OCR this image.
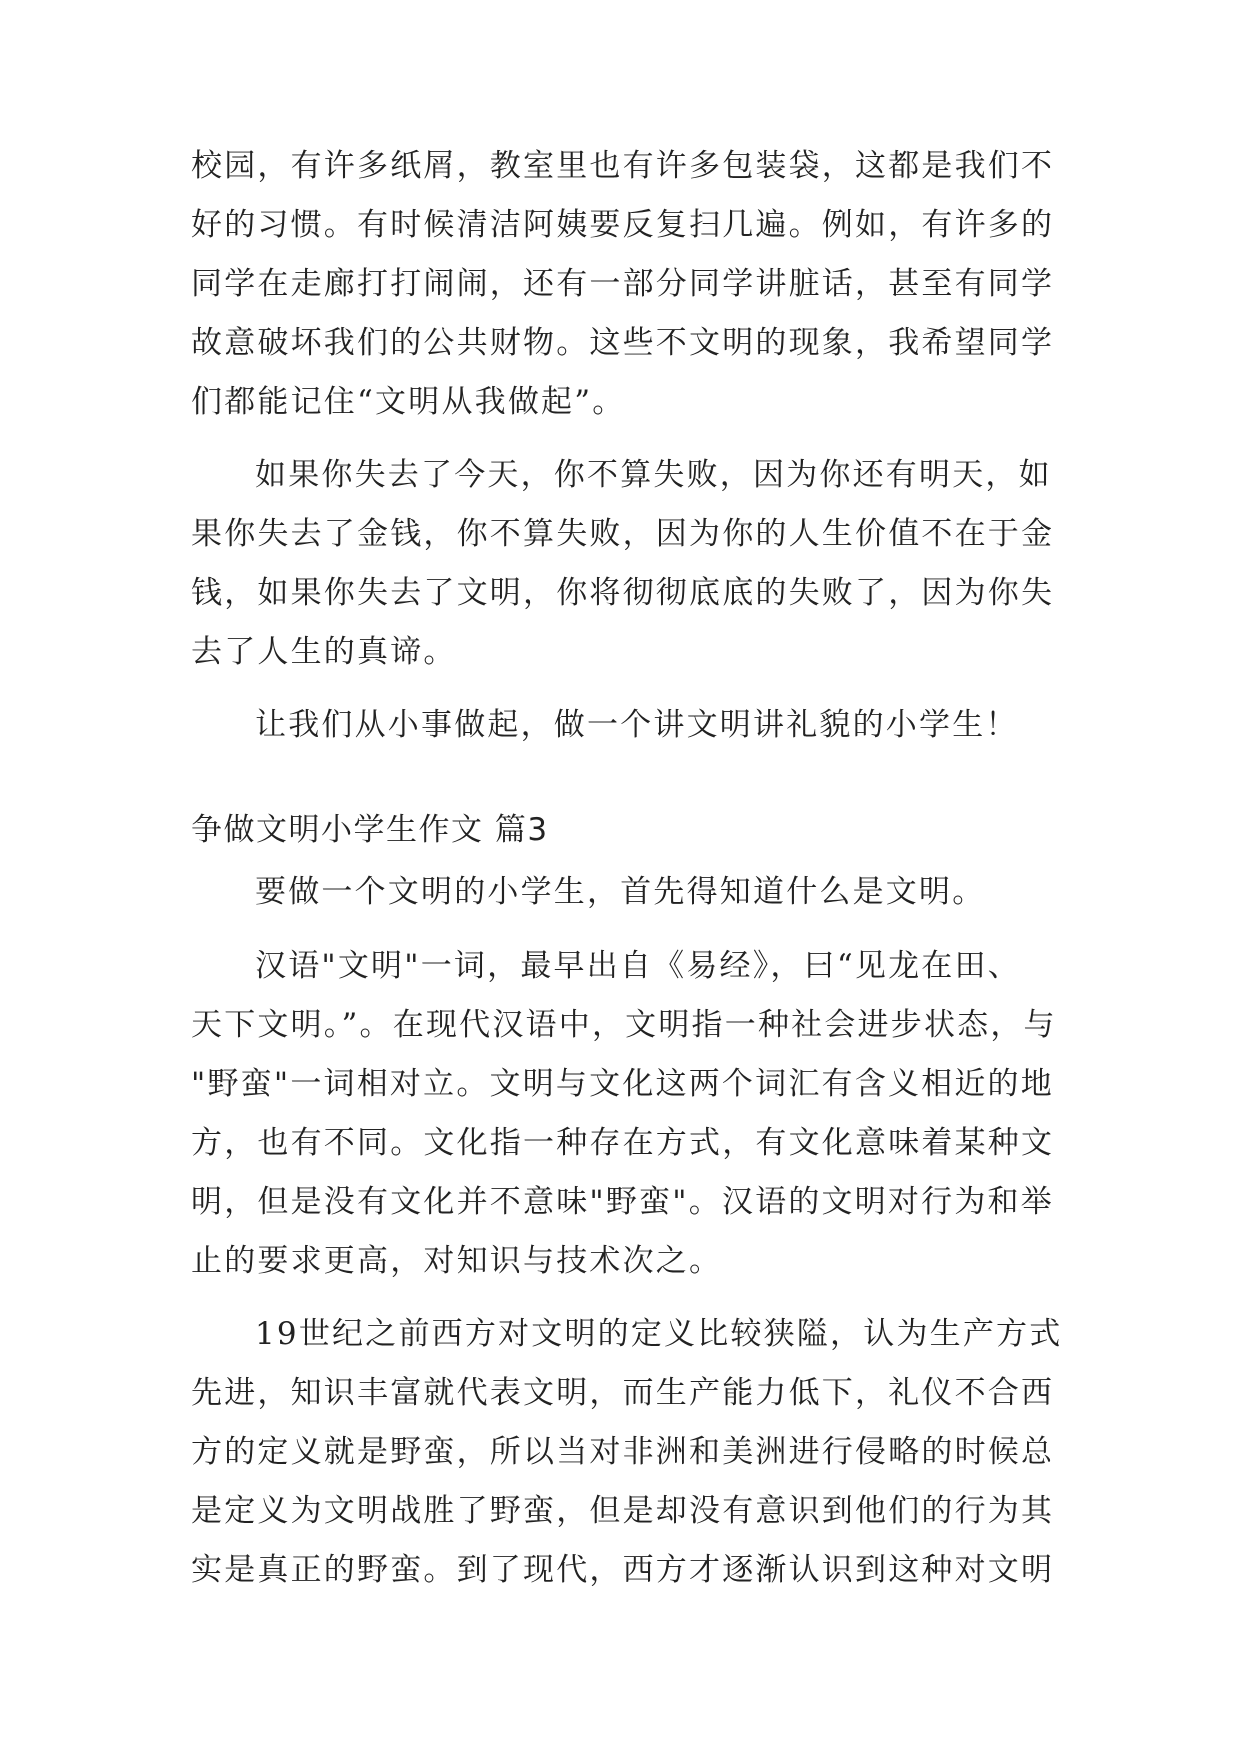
校园，有许多纸屑，教室里也有许多包装袋，这都是我们不
好的习惯。有时候清洁阿姨要反复扫几遍。例如，有许多的
同学在走廊打打闹闹，还有一部分同学讲脏话，甚至有同学
故意破坏我们的公共财物。这些不文明的现象，我希望同学
们都能记住“文明从我做起”。
如果你失去了今天，你不算失败，因为你还有明天，如
果你失去了金钱，你不算失败，因为你的人生价值不在于金
钱，如果你失去了文明，你将彻彻底底的失败了，因为你失
去了人生的真谛。
让我们从小事做起，做一个讲文明讲礼貌的小学生！
争做文明小学生作文 篇3
要做一个文明的小学生，首先得知道什么是文明。
汉语"文明"一词，最早出自《易经》，曰“见龙在田、
天下文明。”。在现代汉语中，文明指一种社会进步状态，与
"野蛮"一词相对立。文明与文化这两个词汇有含义相近的地
方，也有不同。文化指一种存在方式，有文化意味着某种文
明，但是没有文化并不意味"野蛮"。汉语的文明对行为和举
止的要求更高，对知识与技术次之。
19世纪之前西方对文明的定义比较狭隘，认为生产方式
先进，知识丰富就代表文明，而生产能力低下，礼仪不合西
方的定义就是野蛮，所以当对非洲和美洲进行侵略的时候总
是定义为文明战胜了野蛮，但是却没有意识到他们的行为其
实是真正的野蛮。到了现代，西方才逐渐认识到这种对文明
